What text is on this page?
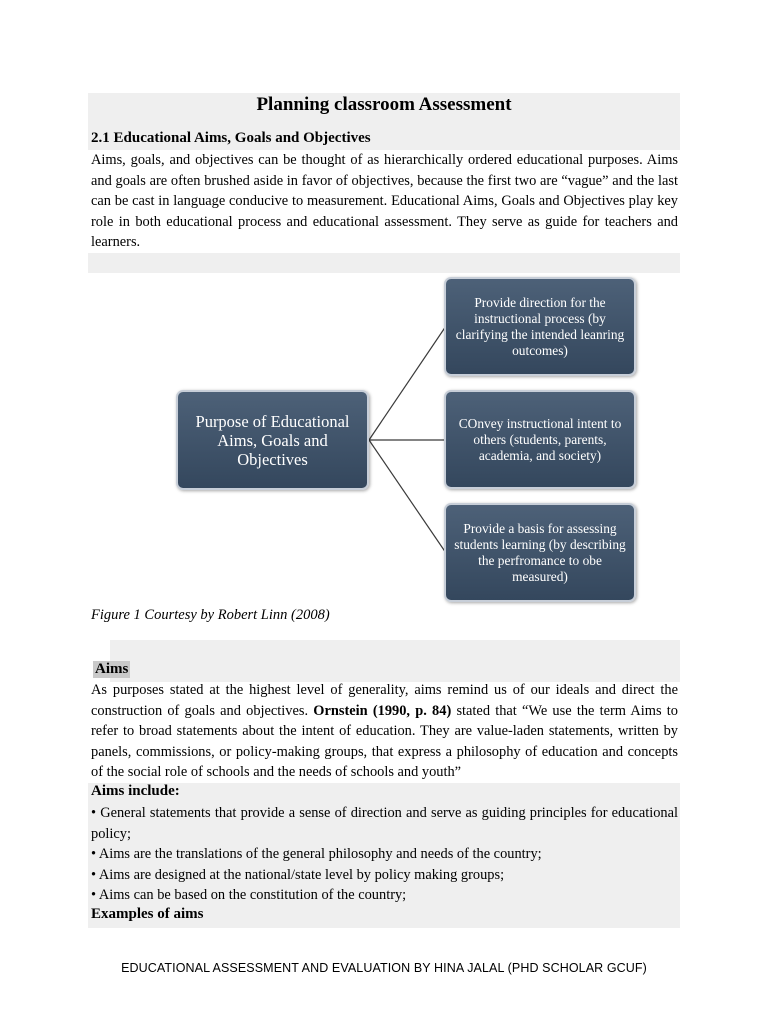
Planning classroom Assessment
2.1 Educational Aims, Goals and Objectives
Aims, goals, and objectives can be thought of as hierarchically ordered educational purposes. Aims and goals are often brushed aside in favor of objectives, because the first two are “vague” and the last can be cast in language conducive to measurement. Educational Aims, Goals and Objectives play key role in both educational process and educational assessment. They serve as guide for teachers and learners.
Purpose of Educational Aims, Goals and Objectives
Provide direction for the instructional process (by clarifying the intended leanring outcomes)
COnvey instructional intent to others (students, parents, academia, and society)
Provide a basis for assessing students learning (by describing the perfromance to obe measured)
Figure 1 Courtesy by Robert Linn (2008)
Aims
As purposes stated at the highest level of generality, aims remind us of our ideals and direct the construction of goals and objectives. Ornstein (1990, p. 84) stated that “We use the term Aims to refer to broad statements about the intent of education. They are value-laden statements, written by panels, commissions, or policy-making groups, that express a philosophy of education and concepts of the social role of schools and the needs of schools and youth”
Aims include:
• General statements that provide a sense of direction and serve as guiding principles for educational policy;
• Aims are the translations of the general philosophy and needs of the country;
• Aims are designed at the national/state level by policy making groups;
• Aims can be based on the constitution of the country;
Examples of aims
EDUCATIONAL ASSESSMENT AND EVALUATION BY HINA JALAL (PHD SCHOLAR GCUF)
